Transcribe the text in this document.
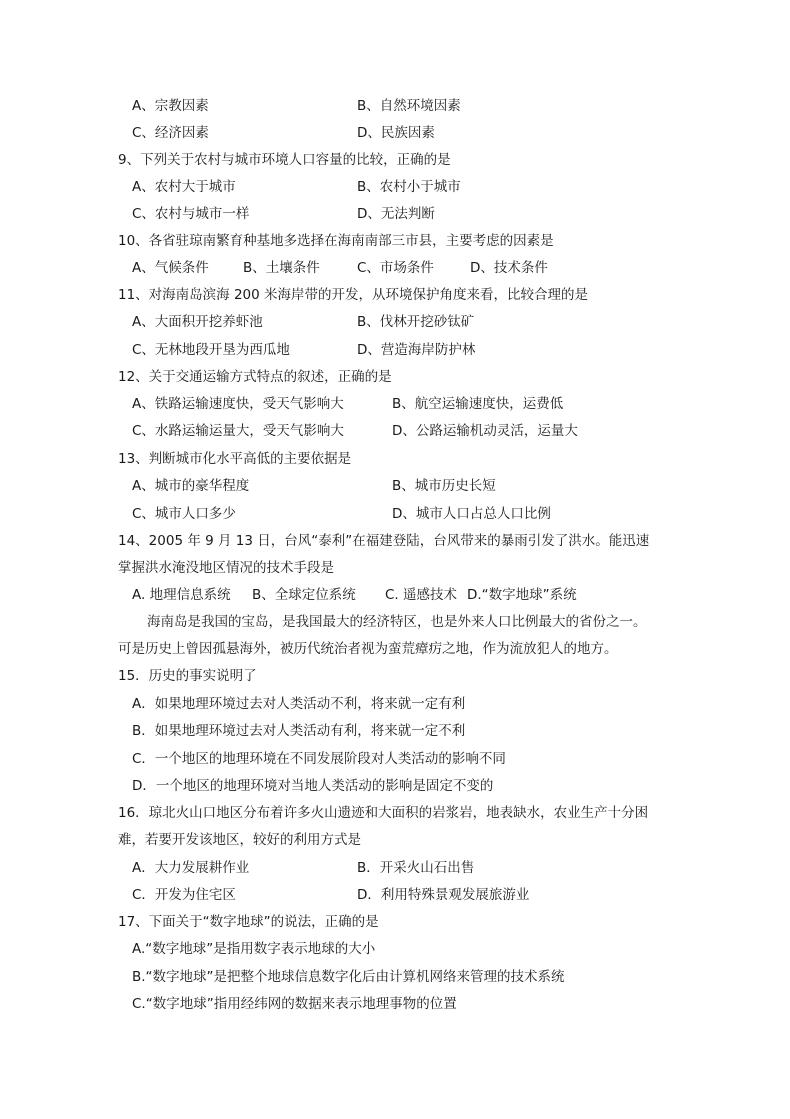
A、宗教因素	B、自然环境因素
C、经济因素	D、民族因素
9、下列关于农村与城市环境人口容量的比较，正确的是
A、农村大于城市	B、农村小于城市
C、农村与城市一样	D、无法判断
10、各省驻琼南繁育种基地多选择在海南南部三市县，主要考虑的因素是
A、气候条件	B、土壤条件	C、市场条件	D、技术条件
11、对海南岛滨海 200 米海岸带的开发，从环境保护角度来看，比较合理的是
A、大面积开挖养虾池	B、伐林开挖砂钛矿
C、无林地段开垦为西瓜地	D、营造海岸防护林
12、关于交通运输方式特点的叙述，正确的是
A、铁路运输速度快，受天气影响大	B、航空运输速度快，运费低
C、水路运输运量大，受天气影响大	D、公路运输机动灵活，运量大
13、判断城市化水平高低的主要依据是
A、城市的豪华程度	B、城市历史长短
C、城市人口多少	D、城市人口占总人口比例
14、2005 年 9 月 13 日，台风“泰利”在福建登陆，台风带来的暴雨引发了洪水。能迅速
掌握洪水淹没地区情况的技术手段是
A. 地理信息系统 B、全球定位系统 C. 遥感技术 D.“数字地球”系统
海南岛是我国的宝岛，是我国最大的经济特区，也是外来人口比例最大的省份之一。
可是历史上曾因孤悬海外，被历代统治者视为蛮荒瘴疠之地，作为流放犯人的地方。
15．历史的事实说明了
A．如果地理环境过去对人类活动不利，将来就一定有利
B．如果地理环境过去对人类活动有利，将来就一定不利
C．一个地区的地理环境在不同发展阶段对人类活动的影响不同
D．一个地区的地理环境对当地人类活动的影响是固定不变的
16．琼北火山口地区分布着许多火山遗迹和大面积的岩浆岩，地表缺水，农业生产十分困
难，若要开发该地区，较好的利用方式是
A．大力发展耕作业	B．开采火山石出售
C．开发为住宅区	D．利用特殊景观发展旅游业
17、下面关于“数字地球”的说法，正确的是
A.“数字地球”是指用数字表示地球的大小
B.“数字地球”是把整个地球信息数字化后由计算机网络来管理的技术系统
C.“数字地球”指用经纬网的数据来表示地理事物的位置
